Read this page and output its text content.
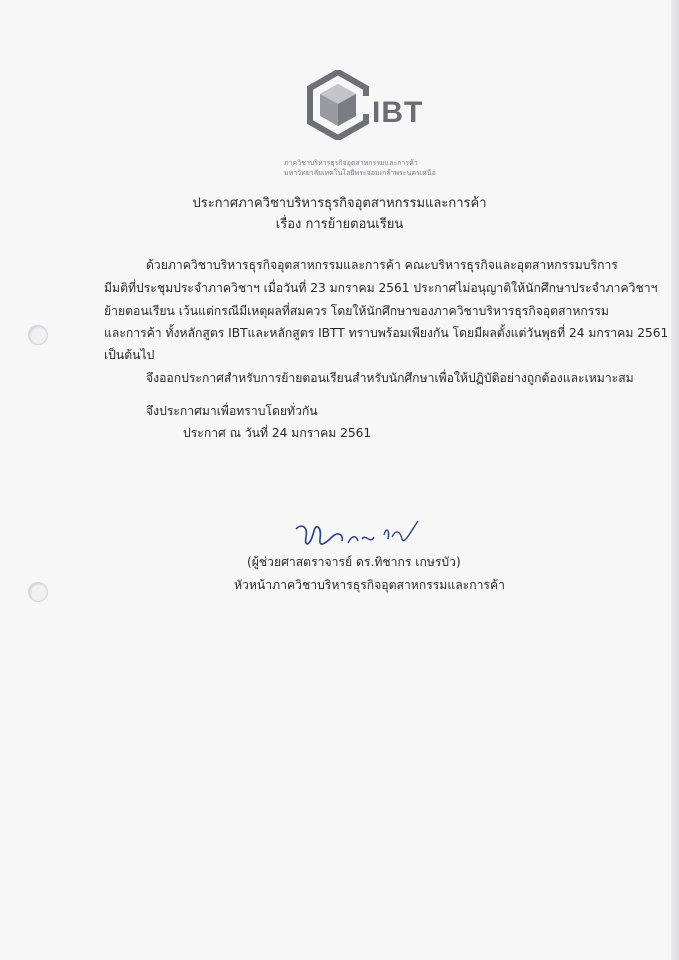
IBT
ภาควิชาบริหารธุรกิจอุตสาหกรรมและการค้า
มหาวิทยาลัยเทคโนโลยีพระจอมเกล้าพระนครเหนือ
ประกาศภาควิชาบริหารธุรกิจอุตสาหกรรมและการค้า
เรื่อง การย้ายตอนเรียน
ด้วยภาควิชาบริหารธุรกิจอุตสาหกรรมและการค้า คณะบริหารธุรกิจและอุตสาหกรรมบริการ
มีมติที่ประชุมประจำภาควิชาฯ เมื่อวันที่ 23 มกราคม 2561 ประกาศไม่อนุญาติให้นักศึกษาประจำภาควิชาฯ
ย้ายตอนเรียน เว้นแต่กรณีมีเหตุผลที่สมควร โดยให้นักศึกษาของภาควิชาบริหารธุรกิจอุตสาหกรรม
และการค้า ทั้งหลักสูตร IBTและหลักสูตร IBTT ทราบพร้อมเพียงกัน โดยมีผลตั้งแต่วันพุธที่ 24 มกราคม 2561
เป็นต้นไป
จึงออกประกาศสำหรับการย้ายตอนเรียนสำหรับนักศึกษาเพื่อให้ปฏิบัติอย่างถูกต้องและเหมาะสม
จึงประกาศมาเพื่อทราบโดยทั่วกัน
ประกาศ ณ วันที่ 24 มกราคม 2561
(ผู้ช่วยศาสตราจารย์ ดร.ทิชากร เกษรบัว)
หัวหน้าภาควิชาบริหารธุรกิจอุตสาหกรรมและการค้า
